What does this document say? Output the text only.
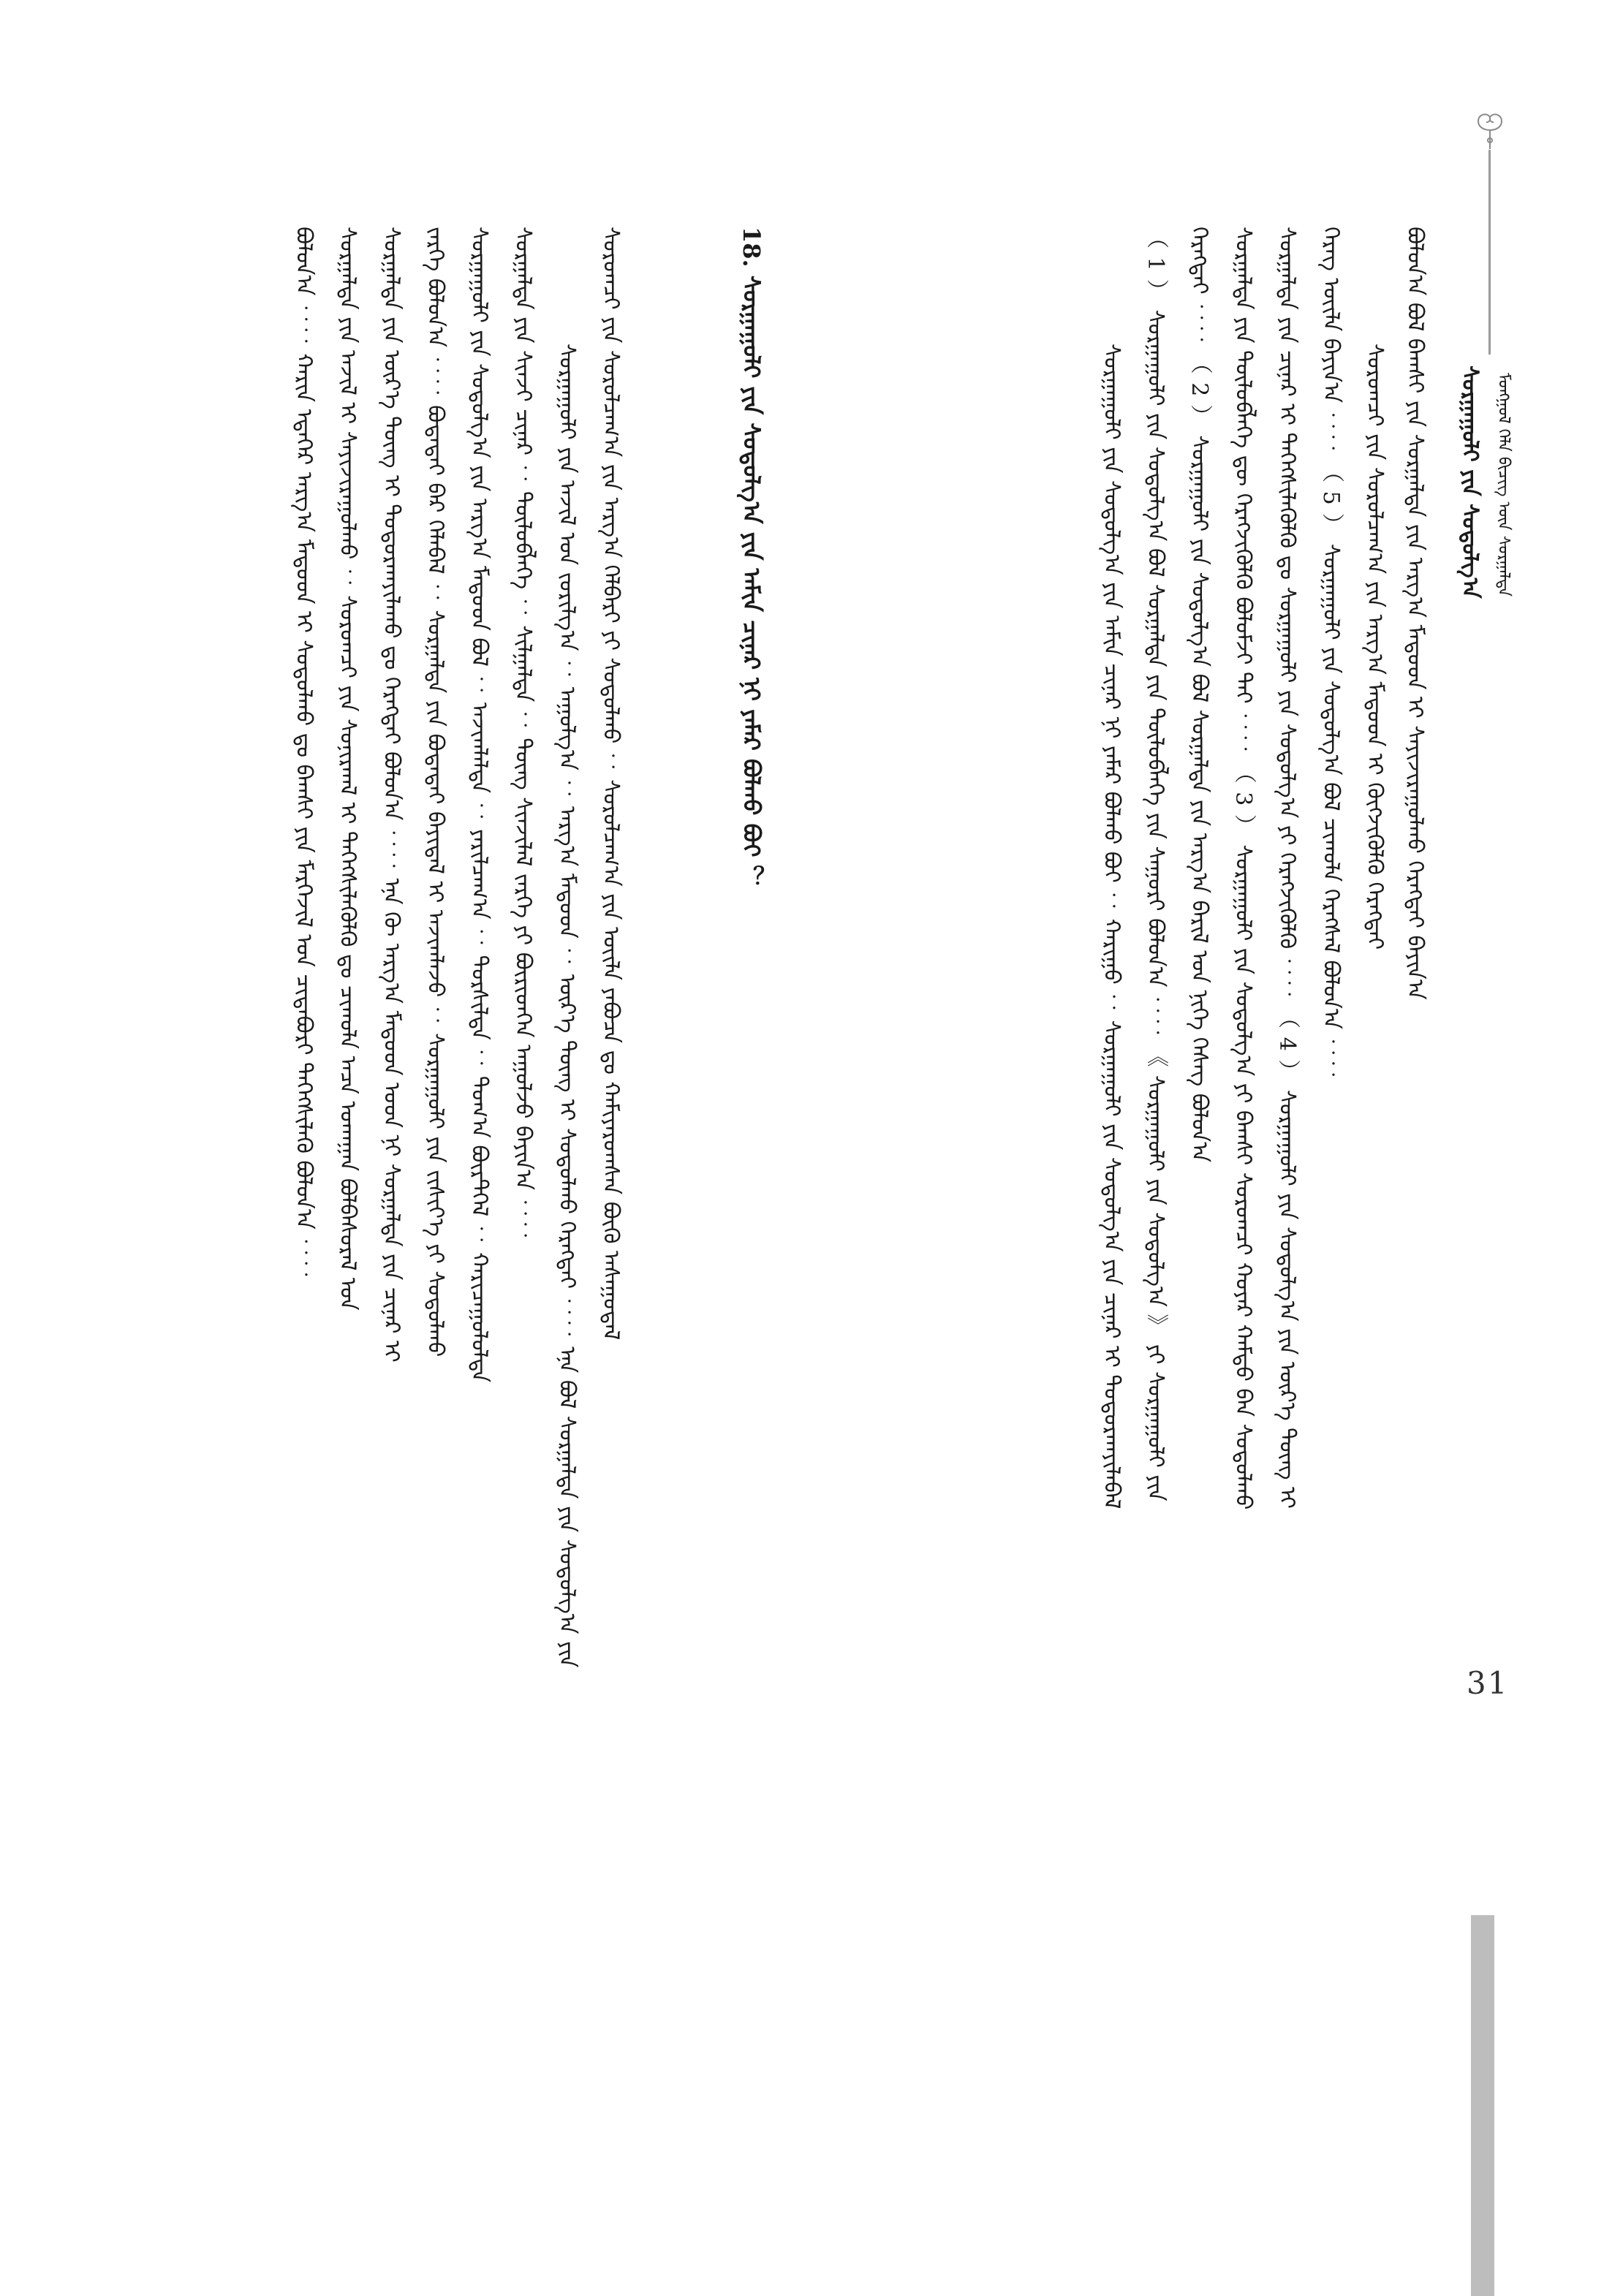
ᠰᠤᠷᠭᠠᠭᠤᠯᠢ ᠶᠢᠨ ᠰᠤᠳᠤᠯᠭ᠎ᠠ ᠮᠣᠩᠭᠣᠯ ᠬᠡᠯᠡ ᠪᠢᠴᠢᠭ ᠦᠨ ᠰᠤᠷᠭᠠᠯᠲᠠ
ᠪᠣᠯᠣᠨ᠎ᠠ ᠪᠣᠯ ᠪᠠᠭᠰᠢ ᠶᠢᠨ ᠰᠤᠷᠭᠠᠯᠲᠠ ᠶᠢᠨ ᠠᠷᠭ᠎ᠠ ᠮᠡᠲᠤᠳ ᠢ ᠰᠠᠶᠢᠵᠢᠷᠠᠭᠤᠯᠬᠤ ᠬᠡᠷᠡᠭᠲᠡᠢ ᠪᠠᠶᠢᠨ᠎ᠠ
ᠰᠤᠷᠤᠭᠴᠢ ᠶᠢᠨ ᠰᠤᠷᠤᠯᠴᠠᠭ᠎ᠠ ᠶᠢᠨ ᠠᠷᠭ᠎ᠠ ᠮᠡᠲᠤᠳ ᠢ ᠬᠥᠭᠵᠢᠭᠦᠯᠬᠦ ᠬᠡᠷᠡᠭᠲᠡᠢ
ᠬᠡᠷᠡᠭ ᠦᠢᠯᠡ ᠪᠠᠶᠢᠨ᠎ᠠ ︰︰ （ 5 ） ᠰᠤᠷᠭᠠᠭᠤᠯᠢ ᠶᠢᠨ ᠰᠤᠳᠤᠯᠭ᠎ᠠ ᠪᠣᠯ ᠴᠢᠬᠤᠯᠠ ᠬᠡᠷᠡᠭᠰᠡᠯ ᠪᠣᠯᠤᠨ᠎ᠠ ︰︰
ᠰᠤᠷᠭᠠᠯᠲᠠ ᠶᠢᠨ ᠴᠢᠨᠠᠷ ᠢ ᠳᠡᠭᠡᠭᠰᠢᠯᠡᠭᠦᠯᠬᠦ ᠳᠤ ᠰᠤᠷᠭᠠᠭᠤᠯᠢ ᠶᠢᠨ ᠰᠤᠳᠤᠯᠭ᠎ᠠ ᠶᠢ ᠬᠡᠷᠡᠭᠵᠢᠭᠦᠯᠬᠦ ︰︰ （ 4 ） ᠰᠤᠷᠭᠠᠭᠤᠯᠢ ᠶᠢᠨ ᠰᠤᠳᠤᠯᠭ᠎ᠠ ᠶᠢᠨ ᠦᠷ᠎ᠡ ᠳᠦᠩ ᠢ
ᠰᠤᠷᠭᠠᠯᠲᠠ ᠶᠢᠨ ᠲᠥᠯᠥᠪᠯᠡᠭᠡ ᠳᠦ ᠬᠡᠷᠡᠭᠵᠢᠭᠦᠯᠬᠦ ᠪᠣᠯᠤᠮᠵᠢ ᠲᠠᠢ ︰︰ （ 3 ） ᠰᠤᠷᠭᠠᠭᠤᠯᠢ ᠶᠢᠨ ᠰᠤᠳᠤᠯᠭ᠎ᠠ ᠶᠢ ᠪᠠᠭᠰᠢ ᠰᠤᠷᠤᠭᠴᠢ ᠬᠣᠶᠠᠷ ᠬᠠᠮᠲᠤ ᠪᠡᠨ ᠰᠤᠳᠤᠯᠬᠤ
ᠬᠡᠷᠡᠭᠲᠡᠢ ︰︰ （ 2 ） ᠰᠤᠷᠭᠠᠭᠤᠯᠢ ᠶᠢᠨ ᠰᠤᠳᠤᠯᠭ᠎ᠠ ᠪᠣᠯ ᠰᠤᠷᠭᠠᠯᠲᠠ ᠶᠢᠨ ᠠᠷᠭ᠎ᠠ ᠪᠠᠷᠢᠯ ᠤᠨ ᠨᠢᠭᠡ ᠬᠡᠰᠡᠭ ᠪᠣᠯᠤᠨ᠎ᠠ
（ 1 ） ᠰᠤᠷᠭᠠᠭᠤᠯᠢ ᠶᠢᠨ ᠰᠤᠳᠤᠯᠭ᠎ᠠ ᠪᠣᠯ ᠰᠤᠷᠭᠠᠯᠲᠠ ᠶᠢᠨ ᠲᠥᠯᠥᠪᠯᠡᠭᠡ ᠶᠢᠨ ᠰᠠᠭᠤᠷᠢ ᠪᠣᠯᠤᠨ᠎ᠠ ︰︰ 《 ᠰᠤᠷᠭᠠᠭᠤᠯᠢ ᠶᠢᠨ ᠰᠤᠳᠤᠯᠭ᠎ᠠ 》 ᠶᠢ ᠰᠤᠷᠭᠠᠭᠤᠯᠢ ᠶᠢᠨ
ᠰᠤᠷᠭᠠᠭᠤᠯᠢ ᠶᠢᠨ ᠰᠤᠳᠤᠯᠭ᠎ᠠ ᠶᠢᠨ ᠠᠮᠢᠨ ᠴᠢᠨᠠᠷ ᠨᠢ ᠶᠠᠮᠠᠷ ᠪᠣᠯᠬᠤ ᠪᠤᠢ ︰ ᠬᠠᠷᠢᠭᠤ ︰ ᠰᠤᠷᠭᠠᠭᠤᠯᠢ ᠶᠢᠨ ᠰᠤᠳᠤᠯᠭ᠎ᠠ ᠶᠢᠨ ᠴᠢᠨᠠᠷ ᠢ ᠲᠣᠳᠤᠷᠬᠠᠶᠢᠯᠠᠪᠠᠯ
18. ᠰᠤᠷᠭᠠᠭᠤᠯᠢ ᠶᠢᠨ ᠰᠤᠳᠤᠯᠭ᠎ᠠ ᠶᠢᠨ ᠠᠮᠢᠨ ᠴᠢᠨᠠᠷ ᠨᠢ ᠶᠠᠮᠠᠷ ᠪᠣᠯᠬᠤ ᠪᠤᠢ ？
ᠰᠤᠷᠤᠭᠴᠢ ᠶᠢᠨ ᠰᠤᠷᠤᠯᠴᠠᠭ᠎ᠠ ᠶᠢᠨ ᠠᠷᠭ᠎ᠠ ᠬᠡᠯᠪᠡᠷᠢ ᠶᠢ ᠰᠤᠳᠤᠯᠬᠤ ︰ ᠰᠤᠷᠤᠯᠴᠠᠭ᠎ᠠ ᠶᠢᠨ ᠦᠢᠯᠡ ᠶᠠᠪᠤᠴᠠ ᠳᠤ ᠬᠠᠮᠢᠶᠠᠷᠤᠭᠰᠠᠨ ᠪᠦᠬᠦ ᠠᠰᠠᠭᠤᠳᠠᠯ
ᠰᠤᠷᠭᠠᠭᠤᠯᠢ ᠶᠢᠨ ᠠᠵᠢᠯ ᠤᠨ ᠵᠣᠷᠢᠯᠭ᠎ᠠ ︰ ᠠᠭᠤᠯᠭ᠎ᠠ ︰ ᠠᠷᠭ᠎ᠠ ᠮᠡᠲᠤᠳ ︰ ᠦᠷ᠎ᠡ ᠳᠦᠩ ᠢ ᠰᠤᠳᠤᠯᠬᠤ ᠬᠡᠷᠡᠭᠲᠡᠢ ︰︰ ᠡᠨᠡ ᠪᠣᠯ ᠰᠤᠷᠭᠠᠯᠲᠠ ᠶᠢᠨ ᠰᠤᠳᠤᠯᠭ᠎ᠠ ᠶᠢᠨ
ᠰᠤᠷᠭᠠᠯᠲᠠ ᠶᠢᠨ ᠰᠢᠨᠵᠢ ᠴᠢᠨᠠᠷ ︰ ᠲᠥᠯᠥᠪᠯᠡᠭᠡ ︰ ᠰᠢᠯᠭᠠᠯᠲᠠ ︰ ᠳᠦᠩ ᠰᠢᠨᠵᠢᠯᠡᠯ ᠵᠡᠷᠭᠡ ᠶᠢ ᠪᠦᠷᠢᠳᠭᠡᠨ ᠠᠭᠤᠯᠵᠤ ᠪᠠᠶᠢᠨ᠎ᠠ ︰︰
ᠰᠤᠷᠭᠠᠭᠤᠯᠢ ᠶᠢᠨ ᠰᠤᠳᠤᠯᠭ᠎ᠠ ᠶᠢᠨ ᠠᠷᠭ᠎ᠠ ᠮᠡᠲᠤᠳ ᠪᠣᠯ ︰ ᠠᠵᠢᠭᠯᠠᠯᠲᠠ ︰ ᠶᠠᠷᠢᠯᠴᠠᠭ᠎ᠠ ︰ ᠲᠤᠷᠰᠢᠯᠲᠠ ︰ ᠲᠣᠭ᠎ᠠ ᠪᠦᠷᠲᠭᠡᠯ ︰ ᠬᠠᠷᠢᠴᠠᠭᠤᠯᠤᠯᠲᠠ
ᠵᠡᠷᠭᠡ ᠪᠣᠯᠤᠨ᠎ᠠ ︰︰ ᠪᠣᠳᠠᠳᠠᠢ ᠪᠡᠷ ᠬᠡᠯᠡᠪᠡᠯ ︰ ᠰᠤᠷᠭᠠᠯᠲᠠ ᠶᠢᠨ ᠪᠣᠳᠠᠳᠠᠢ ᠪᠠᠶᠢᠳᠠᠯ ᠢ ᠠᠵᠢᠭᠯᠠᠵᠤ ︰ ᠰᠤᠷᠭᠠᠭᠤᠯᠢ ᠶᠢᠨ ᠵᠢᠱᠢᠶ᠎ᠡ ᠶᠢ ᠰᠤᠳᠤᠯᠬᠤ
ᠰᠤᠷᠭᠠᠯᠲᠠ ᠶᠢᠨ ᠦᠷ᠎ᠡ ᠳᠦᠩ ᠢ ᠲᠣᠳᠤᠷᠬᠠᠶᠢᠯᠠᠬᠤ ᠳᠤ ᠬᠡᠷᠡᠭᠲᠡᠢ ᠪᠣᠯᠤᠨ᠎ᠠ ︰︰ ᠡᠨᠡ ᠬᠦ ᠠᠷᠭ᠎ᠠ ᠮᠡᠲᠤᠳ ᠤᠳ ᠨᠢ ᠰᠤᠷᠭᠠᠯᠲᠠ ᠶᠢᠨ ᠴᠢᠨᠠᠷ ᠢ
ᠰᠤᠷᠭᠠᠯᠲᠠ ᠶᠢᠨ ᠠᠵᠢᠯ ᠢ ᠰᠠᠶᠢᠵᠢᠷᠠᠭᠤᠯᠬᠤ ︰ ᠰᠤᠷᠤᠭᠴᠢ ᠶᠢᠨ ᠰᠣᠨᠢᠷᠬᠠᠯ ᠢ ᠳᠡᠭᠡᠭᠰᠢᠯᠡᠭᠦᠯᠬᠦ ᠳᠤ ᠴᠢᠬᠤᠯᠠ ᠠᠴᠠ ᠤᠬᠠᠭᠠᠨ ᠪᠣᠯᠪᠠᠰᠤᠷᠠᠯ ᠤᠨ
ᠪᠣᠯᠤᠨ᠎ᠠ ︰︰ ᠬᠠᠷᠢᠨ ᠡᠳᠡᠭᠡᠷ ᠠᠷᠭ᠎ᠠ ᠮᠡᠲᠤᠳ ᠢ ᠰᠤᠳᠤᠯᠬᠤ ᠳᠤ ᠪᠠᠭᠰᠢ ᠶᠢᠨ ᠮᠡᠷᠭᠡᠵᠢᠯ ᠤᠨ ᠴᠢᠳᠠᠪᠤᠷᠢ ᠳᠡᠭᠡᠭᠰᠢᠯᠡᠬᠦ ᠪᠣᠯᠤᠨ᠎ᠠ ︰︰
31
